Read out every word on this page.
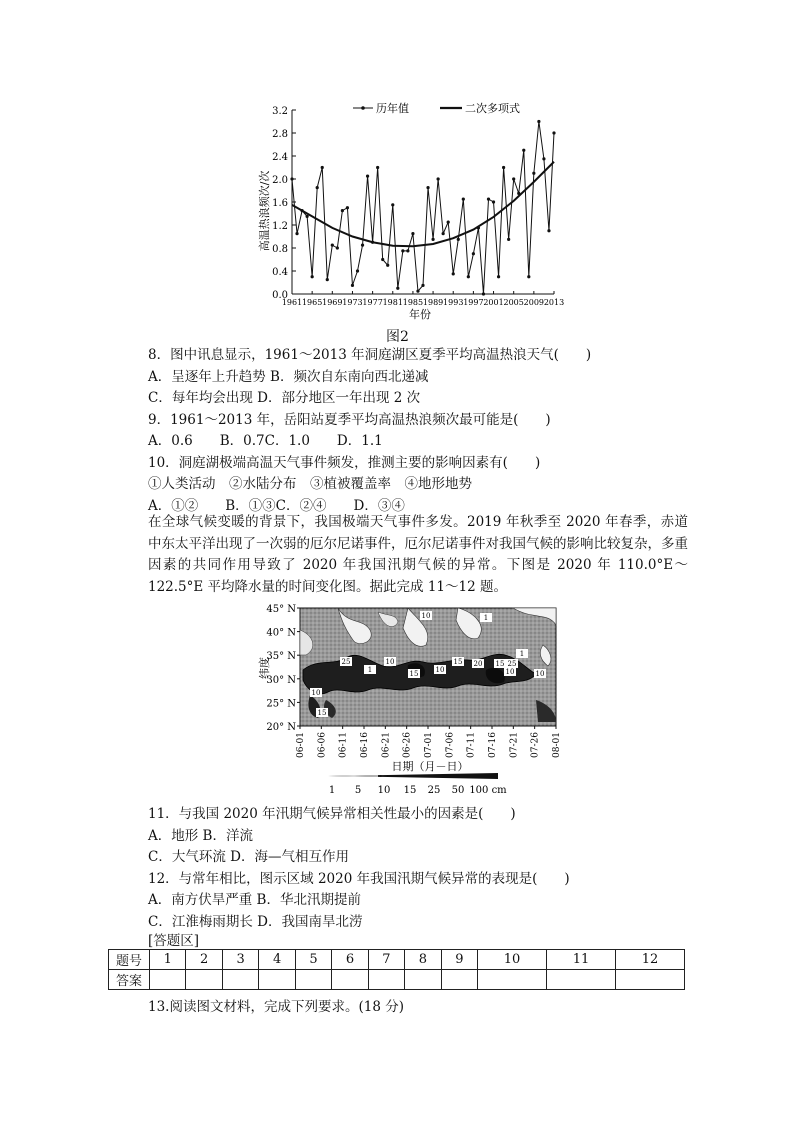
0.0
0.4
0.8
1.2
1.6
2.0
2.4
2.8
3.2
1961 1965 1969 1973 1977 1981 1985 1989 1993 1997 2001 2005 2009 2013
历年值	二次多项式
高温热浪频次/次
年份
图2
8．图中讯息显示，1961～2013 年洞庭湖区夏季平均高温热浪天气(　　)
A．呈逐年上升趋势 B．频次自东南向西北递减
C．每年均会出现 D．部分地区一年出现 2 次
9．1961～2013 年，岳阳站夏季平均高温热浪频次最可能是(　　)
A．0.6　　B．0.7C．1.0　　D．1.1
10．洞庭湖极端高温天气事件频发，推测主要的影响因素有(　　)
①人类活动　②水陆分布　③植被覆盖率　④地形地势
A．①②　　B．①③C．②④　　D．③④
在全球气候变暖的背景下，我国极端天气事件多发。2019 年秋季至 2020 年春季，赤道中东太平洋出现了一次弱的厄尔尼诺事件，厄尔尼诺事件对我国气候的影响比较复杂，多重因素的共同作用导致了 2020 年我国汛期气候的异常。下图是 2020 年 110.0°E～122.5°E 平均降水量的时间变化图。据此完成 11～12 题。
10
15
25
1
10
15 10
15 20 15
10
1
25
10
1
10
45° N
40° N
35° N
30° N
25° N
20° N
06-01 06-06 06-11 06-16 06-21 06-26 07-01 07-06 07-11 07-16 07-21 07-26 08-01
纬度
日期（月－日）
1 5 10 15 25 50 100 cm
11．与我国 2020 年汛期气候异常相关性最小的因素是(　　)
A．地形 B．洋流
C．大气环流 D．海—气相互作用
12．与常年相比，图示区域 2020 年我国汛期气候异常的表现是(　　)
A．南方伏旱严重 B．华北汛期提前
C．江淮梅雨期长 D．我国南旱北涝
[答题区]
题号	1	2	3	4	5	6	7	8	9	10	11	12
答案												
13.阅读图文材料，完成下列要求。(18 分)
